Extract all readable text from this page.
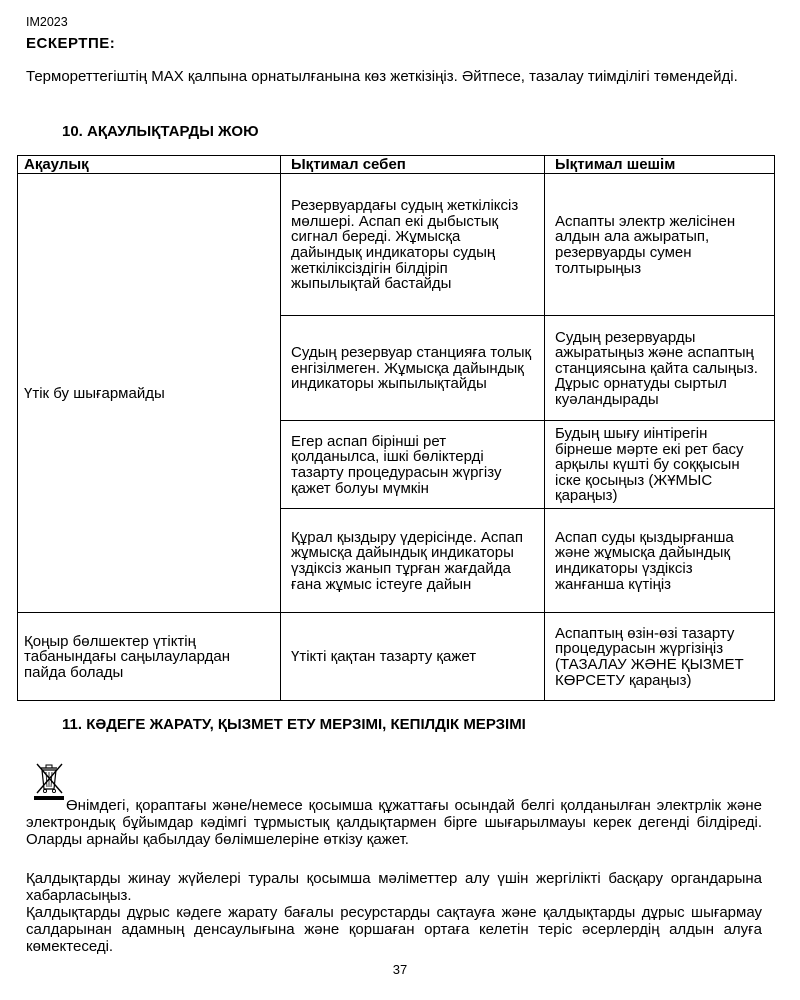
IM2023
ЕСКЕРТПЕ:
Термореттегіштің MAX қалпына орнатылғанына көз жеткізіңіз. Әйтпесе, тазалау тиімділігі төмендейді.
10. АҚАУЛЫҚТАРДЫ ЖОЮ
Ақаулық	Ықтимал себеп	Ықтимал шешім
Үтік бу шығармайды	Резервуардағы судың жеткіліксіз мөлшері. Аспап екі дыбыстық сигнал береді. Жұмысқа дайындық индикаторы судың жеткіліксіздігін білдіріп жыпылықтай бастайды	Аспапты электр желісінен алдын ала ажыратып, резервуарды сумен толтырыңыз
	Судың резервуар станцияға толық енгізілмеген. Жұмысқа дайындық индикаторы жыпылықтайды	Судың резервуарды ажыратыңыз және аспаптың станциясына қайта салыңыз. Дұрыс орнатуды сыртыл куәландырады
	Егер аспап бірінші рет қолданылса, ішкі бөліктерді тазарту процедурасын жүргізу қажет болуы мүмкін	Будың шығу иінтірегін бірнеше мәрте екі рет басу арқылы күшті бу соққысын іске қосыңыз (ЖҰМЫС қараңыз)
	Құрал қыздыру үдерісінде. Аспап жұмысқа дайындық индикаторы үздіксіз жанып тұрған жағдайда ғана жұмыс істеуге дайын	Аспап суды қыздырғанша және жұмысқа дайындық индикаторы үздіксіз жанғанша күтіңіз
Қоңыр бөлшектер үтіктің табанындағы саңылаулардан пайда болады	Үтікті қақтан тазарту қажет	Аспаптың өзін-өзі тазарту процедурасын жүргізіңіз (ТАЗАЛАУ ЖӘНЕ ҚЫЗМЕТ КӨРСЕТУ қараңыз)
11. КӘДЕГЕ ЖАРАТУ, ҚЫЗМЕТ ЕТУ МЕРЗІМІ, КЕПІЛДІК МЕРЗІМІ
Өнімдегі, қораптағы және/немесе қосымша құжаттағы осындай белгі қолданылған электрлік және электрондық бұйымдар кәдімгі тұрмыстық қалдықтармен бірге шығарылмауы керек дегенді білдіреді. Оларды арнайы қабылдау бөлімшелеріне өткізу қажет.
Қалдықтарды жинау жүйелері туралы қосымша мәліметтер алу үшін жергілікті басқару органдарына хабарласыңыз.
Қалдықтарды дұрыс кәдеге жарату бағалы ресурстарды сақтауға және қалдықтарды дұрыс шығармау салдарынан адамның денсаулығына және қоршаған ортаға келетін теріс әсерлердің алдын алуға көмектеседі.
37
